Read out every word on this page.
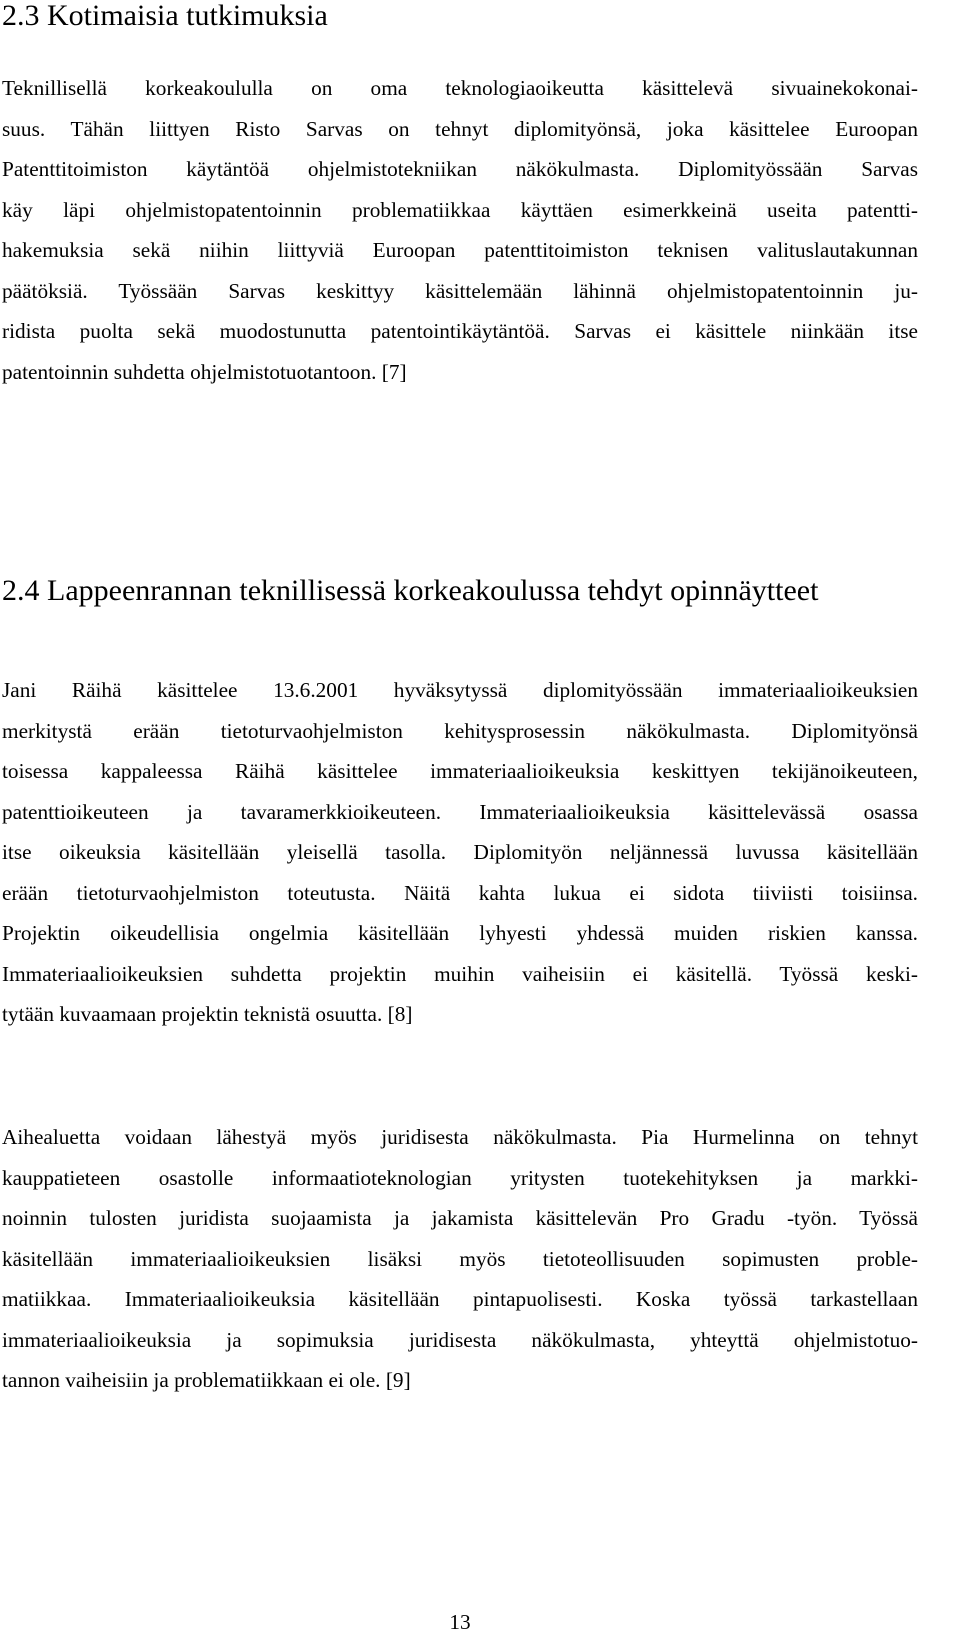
2.3 Kotimaisia tutkimuksia
Teknillisellä korkeakoululla on oma teknologiaoikeutta käsittelevä sivuainekokonai-
suus. Tähän liittyen Risto Sarvas on tehnyt diplomityönsä, joka käsittelee Euroopan
Patenttitoimiston käytäntöä ohjelmistotekniikan näkökulmasta. Diplomityössään Sarvas
käy läpi ohjelmistopatentoinnin problematiikkaa käyttäen esimerkkeinä useita patentti-
hakemuksia sekä niihin liittyviä Euroopan patenttitoimiston teknisen valituslautakunnan
päätöksiä. Työssään Sarvas keskittyy käsittelemään lähinnä ohjelmistopatentoinnin ju-
ridista puolta sekä muodostunutta patentointikäytäntöä. Sarvas ei käsittele niinkään itse
patentoinnin suhdetta ohjelmistotuotantoon. [7]
2.4 Lappeenrannan teknillisessä korkeakoulussa tehdyt opinnäytteet
Jani Räihä käsittelee 13.6.2001 hyväksytyssä diplomityössään immateriaalioikeuksien
merkitystä erään tietoturvaohjelmiston kehitysprosessin näkökulmasta. Diplomityönsä
toisessa kappaleessa Räihä käsittelee immateriaalioikeuksia keskittyen tekijänoikeuteen,
patenttioikeuteen ja tavaramerkkioikeuteen. Immateriaalioikeuksia käsittelevässä osassa
itse oikeuksia käsitellään yleisellä tasolla. Diplomityön neljännessä luvussa käsitellään
erään tietoturvaohjelmiston toteutusta. Näitä kahta lukua ei sidota tiiviisti toisiinsa.
Projektin oikeudellisia ongelmia käsitellään lyhyesti yhdessä muiden riskien kanssa.
Immateriaalioikeuksien suhdetta projektin muihin vaiheisiin ei käsitellä. Työssä keski-
tytään kuvaamaan projektin teknistä osuutta. [8]
Aihealuetta voidaan lähestyä myös juridisesta näkökulmasta. Pia Hurmelinna on tehnyt
kauppatieteen osastolle informaatioteknologian yritysten tuotekehityksen ja markki-
noinnin tulosten juridista suojaamista ja jakamista käsittelevän Pro Gradu -työn. Työssä
käsitellään immateriaalioikeuksien lisäksi myös tietoteollisuuden sopimusten proble-
matiikkaa. Immateriaalioikeuksia käsitellään pintapuolisesti. Koska työssä tarkastellaan
immateriaalioikeuksia ja sopimuksia juridisesta näkökulmasta, yhteyttä ohjelmistotuo-
tannon vaiheisiin ja problematiikkaan ei ole. [9]
13
